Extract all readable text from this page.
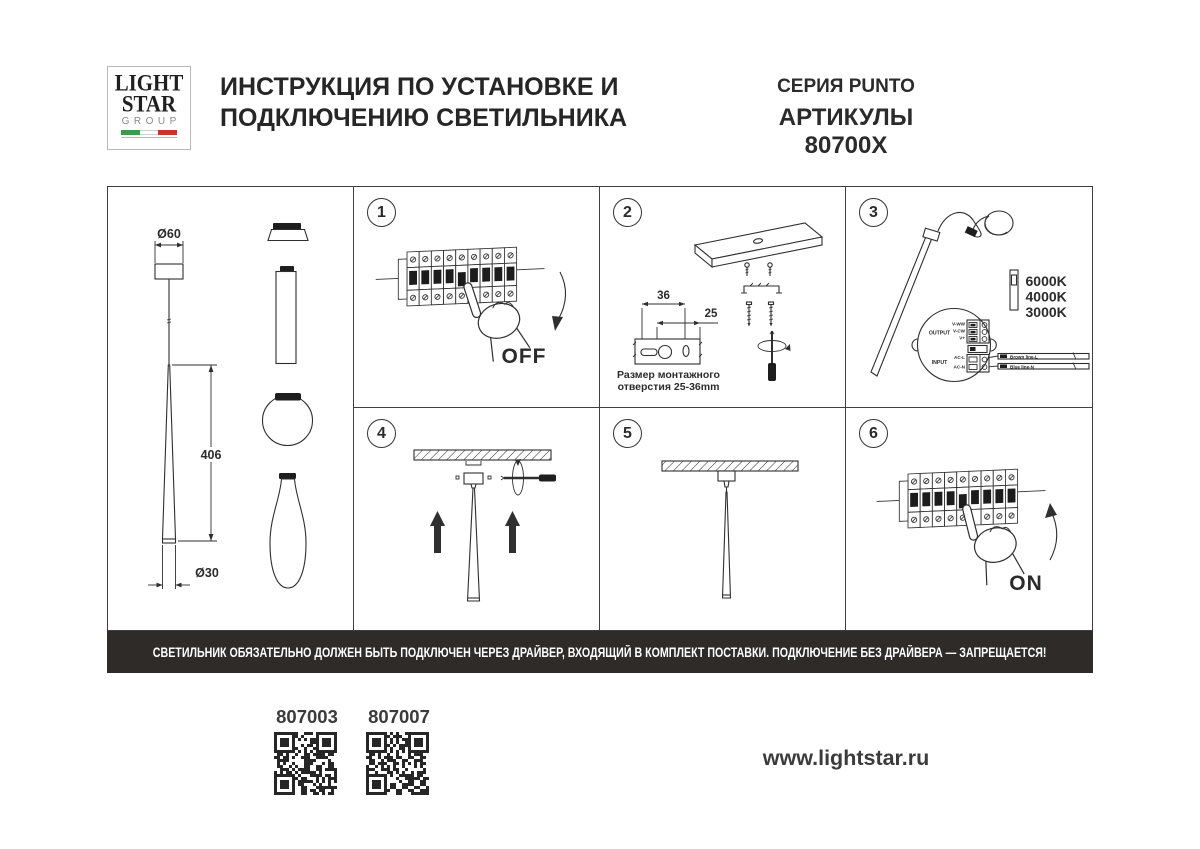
LIGHT
STAR
GROUP
ИНСТРУКЦИЯ ПО УСТАНОВКЕ И
ПОДКЛЮЧЕНИЮ СВЕТИЛЬНИКА
СЕРИЯ PUNTO
АРТИКУЛЫ 80700X
Ø60
406
Ø30
1
OFF
2
36
25
Размер монтажного
отверстия 25-36mm
3
6000K
4000K
3000K
OUTPUT
INPUT
V-WW
V-CW
V+
AC-L
AC-N
Brown line-L
Blue line-N
4	5	6
ON
СВЕТИЛЬНИК ОБЯЗАТЕЛЬНО ДОЛЖЕН БЫТЬ ПОДКЛЮЧЕН ЧЕРЕЗ ДРАЙВЕР, ВХОДЯЩИЙ В КОМПЛЕКТ ПОСТАВКИ. ПОДКЛЮЧЕНИЕ БЕЗ ДРАЙВЕРА — ЗАПРЕЩАЕТСЯ!
807003 807007
www.lightstar.ru
